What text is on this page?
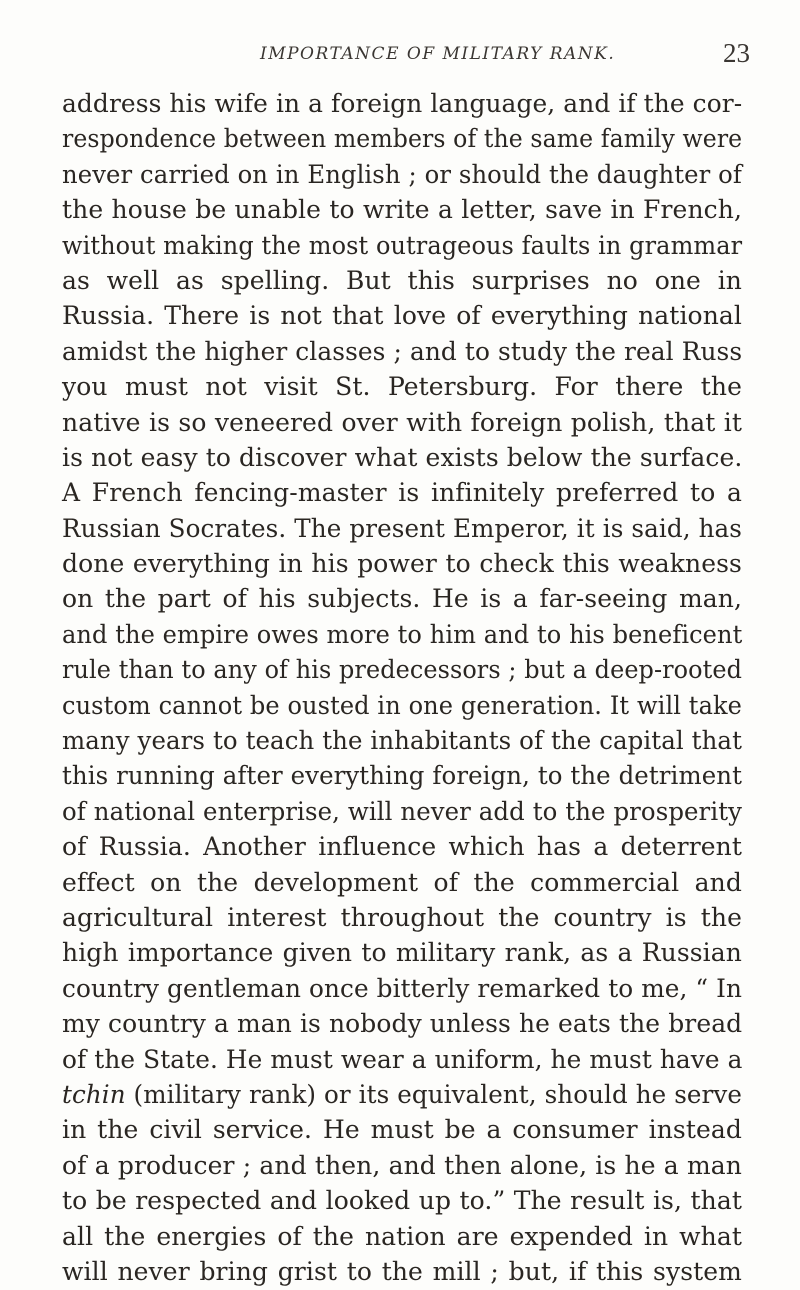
IMPORTANCE OF MILITARY RANK.	23
address his wife in a foreign language, and if the cor-
respondence between members of the same family were
never carried on in English ; or should the daughter of
the house be unable to write a letter, save in French,
without making the most outrageous faults in grammar
as well as spelling. But this surprises no one in
Russia. There is not that love of everything national
amidst the higher classes ; and to study the real Russ
you must not visit St. Petersburg. For there the
native is so veneered over with foreign polish, that it
is not easy to discover what exists below the surface.
A French fencing-master is infinitely preferred to a
Russian Socrates. The present Emperor, it is said, has
done everything in his power to check this weakness
on the part of his subjects. He is a far-seeing man,
and the empire owes more to him and to his beneficent
rule than to any of his predecessors ; but a deep-rooted
custom cannot be ousted in one generation. It will take
many years to teach the inhabitants of the capital that
this running after everything foreign, to the detriment
of national enterprise, will never add to the prosperity
of Russia. Another influence which has a deterrent
effect on the development of the commercial and
agricultural interest throughout the country is the
high importance given to military rank, as a Russian
country gentleman once bitterly remarked to me, “ In
my country a man is nobody unless he eats the bread
of the State. He must wear a uniform, he must have a
tchin (military rank) or its equivalent, should he serve
in the civil service. He must be a consumer instead
of a producer ; and then, and then alone, is he a man
to be respected and looked up to.” The result is, that
all the energies of the nation are expended in what
will never bring grist to the mill ; but, if this system
